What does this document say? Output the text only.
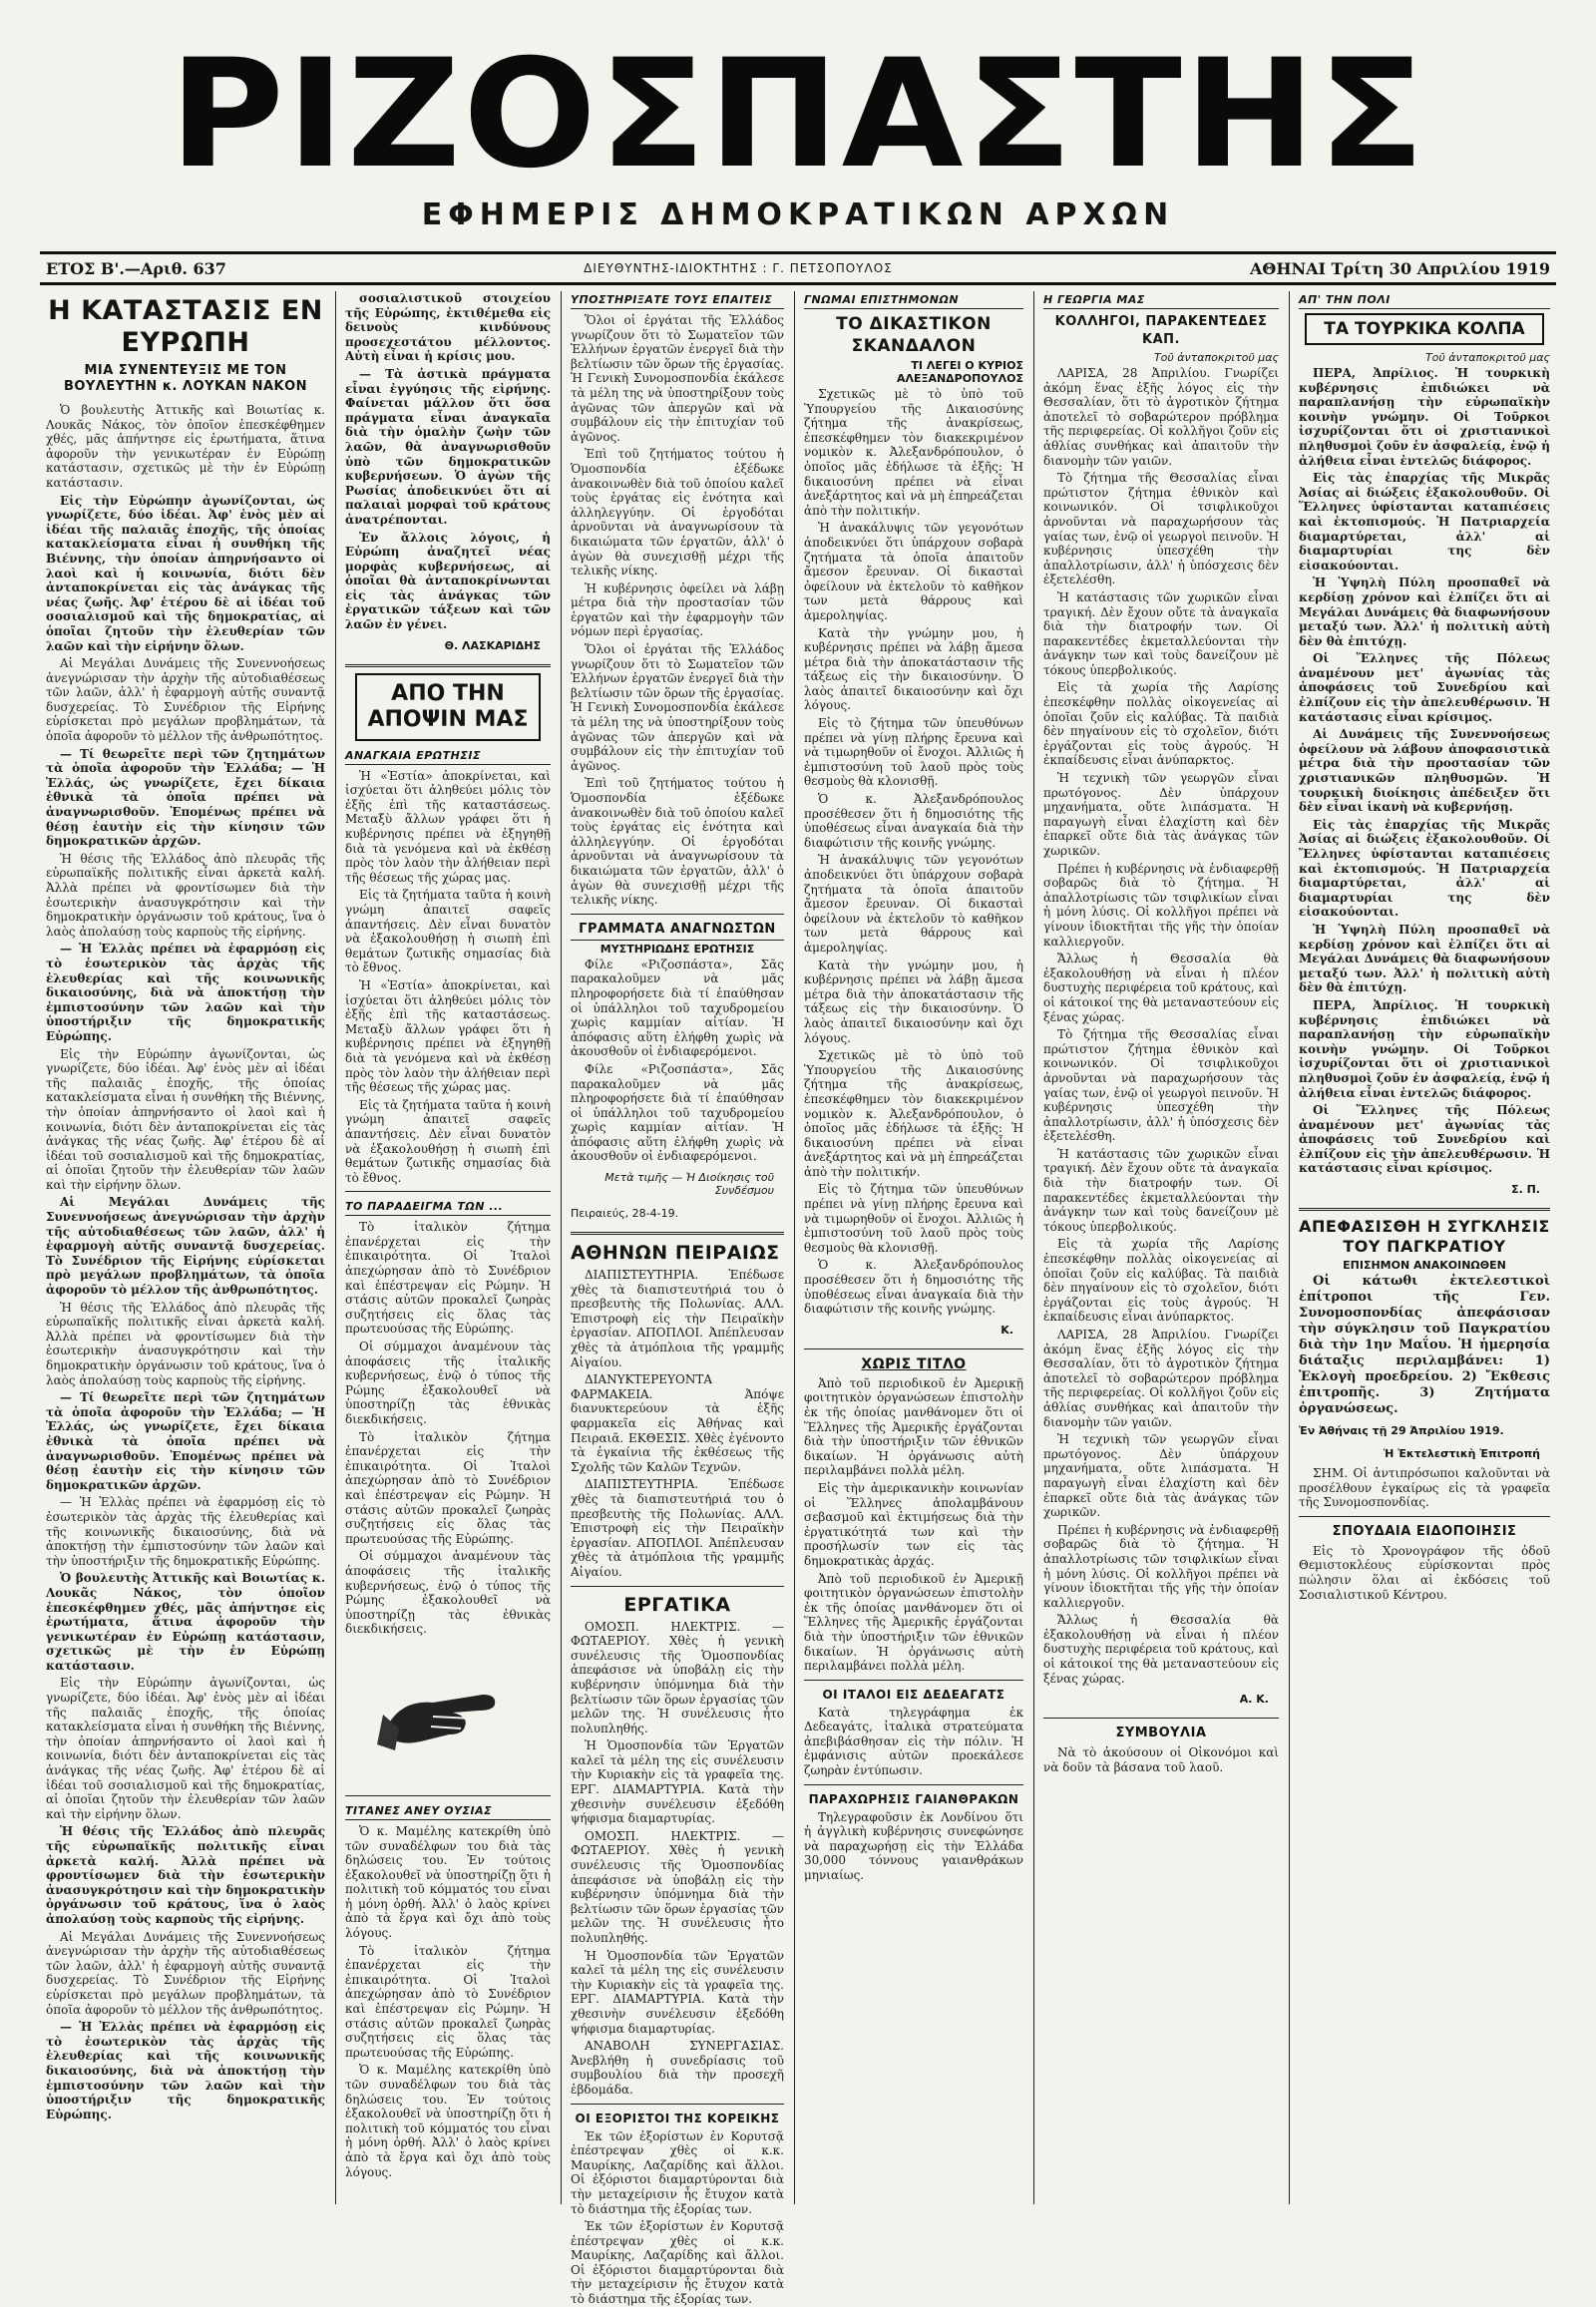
ΡΙΖΟΣΠΑΣΤΗΣ
ΕΦΗΜΕΡΙΣ ΔΗΜΟΚΡΑΤΙΚΩΝ ΑΡΧΩΝ
ΕΤΟΣ Β'.—Αριθ. 637	ΔΙΕΥΘΥΝΤΗΣ-ΙΔΙΟΚΤΗΤΗΣ : Γ. ΠΕΤΣΟΠΟΥΛΟΣ	ΑΘΗΝΑΙ Τρίτη 30 Απριλίου 1919
Η ΚΑΤΑΣΤΑΣΙΣ ΕΝ ΕΥΡΩΠΗ
ΜΙΑ ΣΥΝΕΝΤΕΥΞΙΣ ΜΕ ΤΟΝ ΒΟΥΛΕΥΤΗΝ κ. ΛΟΥΚΑΝ ΝΑΚΟΝ

Ὁ βουλευτὴς Ἀττικῆς καὶ Βοιωτίας κ. Λουκᾶς Νάκος, τὸν ὁποῖον ἐπεσκέφθημεν χθές, μᾶς ἀπήντησε εἰς ἐρωτήματα, ἅτινα ἀφοροῦν τὴν γενικωτέραν ἐν Εὐρώπῃ κατάστασιν, σχετικῶς μὲ τὴν ἐν Εὐρώπῃ κατάστασιν.

Εἰς τὴν Εὐρώπην ἀγωνίζονται, ὡς γνωρίζετε, δύο ἰδέαι. Ἀφ' ἑνὸς μὲν αἱ ἰδέαι τῆς παλαιᾶς ἐποχῆς, τῆς ὁποίας κατακλείσματα εἶναι ἡ συνθήκη τῆς Βιέννης, τὴν ὁποίαν ἀπηρνήσαντο οἱ λαοὶ καὶ ἡ κοινωνία, διότι δὲν ἀνταποκρίνεται εἰς τὰς ἀνάγκας τῆς νέας ζωῆς. Ἀφ' ἑτέρου δὲ αἱ ἰδέαι τοῦ σοσιαλισμοῦ καὶ τῆς δημοκρατίας, αἱ ὁποῖαι ζητοῦν τὴν ἐλευθερίαν τῶν λαῶν καὶ τὴν εἰρήνην ὅλων.

Αἱ Μεγάλαι Δυνάμεις τῆς Συνεννοήσεως ἀνεγνώρισαν τὴν ἀρχὴν τῆς αὐτοδιαθέσεως τῶν λαῶν, ἀλλ' ἡ ἐφαρμογὴ αὐτῆς συναντᾷ δυσχερείας. Τὸ Συνέδριον τῆς Εἰρήνης εὑρίσκεται πρὸ μεγάλων προβλημάτων, τὰ ὁποῖα ἀφοροῦν τὸ μέλλον τῆς ἀνθρωπότητος.

— Τί θεωρεῖτε περὶ τῶν ζητημάτων τὰ ὁποῖα ἀφοροῦν τὴν Ἑλλάδα; — Ἡ Ἑλλάς, ὡς γνωρίζετε, ἔχει δίκαια ἐθνικὰ τὰ ὁποῖα πρέπει νὰ ἀναγνωρισθοῦν. Ἐπομένως πρέπει νὰ θέσῃ ἑαυτὴν εἰς τὴν κίνησιν τῶν δημοκρατικῶν ἀρχῶν.

Ἡ θέσις τῆς Ἑλλάδος ἀπὸ πλευρᾶς τῆς εὐρωπαϊκῆς πολιτικῆς εἶναι ἀρκετὰ καλή. Ἀλλὰ πρέπει νὰ φροντίσωμεν διὰ τὴν ἐσωτερικὴν ἀνασυγκρότησιν καὶ τὴν δημοκρατικὴν ὀργάνωσιν τοῦ κράτους, ἵνα ὁ λαὸς ἀπολαύσῃ τοὺς καρποὺς τῆς εἰρήνης.

— Ἡ Ἑλλὰς πρέπει νὰ ἐφαρμόσῃ εἰς τὸ ἐσωτερικὸν τὰς ἀρχὰς τῆς ἐλευθερίας καὶ τῆς κοινωνικῆς δικαιοσύνης, διὰ νὰ ἀποκτήσῃ τὴν ἐμπιστοσύνην τῶν λαῶν καὶ τὴν ὑποστήριξιν τῆς δημοκρατικῆς Εὐρώπης.

Εἰς τὴν Εὐρώπην ἀγωνίζονται, ὡς γνωρίζετε, δύο ἰδέαι. Ἀφ' ἑνὸς μὲν αἱ ἰδέαι τῆς παλαιᾶς ἐποχῆς, τῆς ὁποίας κατακλείσματα εἶναι ἡ συνθήκη τῆς Βιέννης, τὴν ὁποίαν ἀπηρνήσαντο οἱ λαοὶ καὶ ἡ κοινωνία, διότι δὲν ἀνταποκρίνεται εἰς τὰς ἀνάγκας τῆς νέας ζωῆς. Ἀφ' ἑτέρου δὲ αἱ ἰδέαι τοῦ σοσιαλισμοῦ καὶ τῆς δημοκρατίας, αἱ ὁποῖαι ζητοῦν τὴν ἐλευθερίαν τῶν λαῶν καὶ τὴν εἰρήνην ὅλων.

Αἱ Μεγάλαι Δυνάμεις τῆς Συνεννοήσεως ἀνεγνώρισαν τὴν ἀρχὴν τῆς αὐτοδιαθέσεως τῶν λαῶν, ἀλλ' ἡ ἐφαρμογὴ αὐτῆς συναντᾷ δυσχερείας. Τὸ Συνέδριον τῆς Εἰρήνης εὑρίσκεται πρὸ μεγάλων προβλημάτων, τὰ ὁποῖα ἀφοροῦν τὸ μέλλον τῆς ἀνθρωπότητος.

Ἡ θέσις τῆς Ἑλλάδος ἀπὸ πλευρᾶς τῆς εὐρωπαϊκῆς πολιτικῆς εἶναι ἀρκετὰ καλή. Ἀλλὰ πρέπει νὰ φροντίσωμεν διὰ τὴν ἐσωτερικὴν ἀνασυγκρότησιν καὶ τὴν δημοκρατικὴν ὀργάνωσιν τοῦ κράτους, ἵνα ὁ λαὸς ἀπολαύσῃ τοὺς καρποὺς τῆς εἰρήνης.

— Τί θεωρεῖτε περὶ τῶν ζητημάτων τὰ ὁποῖα ἀφοροῦν τὴν Ἑλλάδα; — Ἡ Ἑλλάς, ὡς γνωρίζετε, ἔχει δίκαια ἐθνικὰ τὰ ὁποῖα πρέπει νὰ ἀναγνωρισθοῦν. Ἐπομένως πρέπει νὰ θέσῃ ἑαυτὴν εἰς τὴν κίνησιν τῶν δημοκρατικῶν ἀρχῶν.

— Ἡ Ἑλλὰς πρέπει νὰ ἐφαρμόσῃ εἰς τὸ ἐσωτερικὸν τὰς ἀρχὰς τῆς ἐλευθερίας καὶ τῆς κοινωνικῆς δικαιοσύνης, διὰ νὰ ἀποκτήσῃ τὴν ἐμπιστοσύνην τῶν λαῶν καὶ τὴν ὑποστήριξιν τῆς δημοκρατικῆς Εὐρώπης.

Ὁ βουλευτὴς Ἀττικῆς καὶ Βοιωτίας κ. Λουκᾶς Νάκος, τὸν ὁποῖον ἐπεσκέφθημεν χθές, μᾶς ἀπήντησε εἰς ἐρωτήματα, ἅτινα ἀφοροῦν τὴν γενικωτέραν ἐν Εὐρώπῃ κατάστασιν, σχετικῶς μὲ τὴν ἐν Εὐρώπῃ κατάστασιν.

Εἰς τὴν Εὐρώπην ἀγωνίζονται, ὡς γνωρίζετε, δύο ἰδέαι. Ἀφ' ἑνὸς μὲν αἱ ἰδέαι τῆς παλαιᾶς ἐποχῆς, τῆς ὁποίας κατακλείσματα εἶναι ἡ συνθήκη τῆς Βιέννης, τὴν ὁποίαν ἀπηρνήσαντο οἱ λαοὶ καὶ ἡ κοινωνία, διότι δὲν ἀνταποκρίνεται εἰς τὰς ἀνάγκας τῆς νέας ζωῆς. Ἀφ' ἑτέρου δὲ αἱ ἰδέαι τοῦ σοσιαλισμοῦ καὶ τῆς δημοκρατίας, αἱ ὁποῖαι ζητοῦν τὴν ἐλευθερίαν τῶν λαῶν καὶ τὴν εἰρήνην ὅλων.

Ἡ θέσις τῆς Ἑλλάδος ἀπὸ πλευρᾶς τῆς εὐρωπαϊκῆς πολιτικῆς εἶναι ἀρκετὰ καλή. Ἀλλὰ πρέπει νὰ φροντίσωμεν διὰ τὴν ἐσωτερικὴν ἀνασυγκρότησιν καὶ τὴν δημοκρατικὴν ὀργάνωσιν τοῦ κράτους, ἵνα ὁ λαὸς ἀπολαύσῃ τοὺς καρποὺς τῆς εἰρήνης.

Αἱ Μεγάλαι Δυνάμεις τῆς Συνεννοήσεως ἀνεγνώρισαν τὴν ἀρχὴν τῆς αὐτοδιαθέσεως τῶν λαῶν, ἀλλ' ἡ ἐφαρμογὴ αὐτῆς συναντᾷ δυσχερείας. Τὸ Συνέδριον τῆς Εἰρήνης εὑρίσκεται πρὸ μεγάλων προβλημάτων, τὰ ὁποῖα ἀφοροῦν τὸ μέλλον τῆς ἀνθρωπότητος.

— Ἡ Ἑλλὰς πρέπει νὰ ἐφαρμόσῃ εἰς τὸ ἐσωτερικὸν τὰς ἀρχὰς τῆς ἐλευθερίας καὶ τῆς κοινωνικῆς δικαιοσύνης, διὰ νὰ ἀποκτήσῃ τὴν ἐμπιστοσύνην τῶν λαῶν καὶ τὴν ὑποστήριξιν τῆς δημοκρατικῆς Εὐρώπης.

σοσιαλιστικοῦ στοιχείου τῆς Εὐρώπης, ἐκτιθέμεθα εἰς δεινοὺς κινδύνους προσεχεστάτου μέλλοντος. Αὐτὴ εἶναι ἡ κρίσις μου.

— Τὰ ἀστικὰ πράγματα εἶναι ἐγγύησις τῆς εἰρήνης. Φαίνεται μάλλον ὅτι ὅσα πράγματα εἶναι ἀναγκαῖα διὰ τὴν ὁμαλὴν ζωὴν τῶν λαῶν, θὰ ἀναγνωρισθοῦν ὑπὸ τῶν δημοκρατικῶν κυβερνήσεων. Ὁ ἀγὼν τῆς Ρωσίας ἀποδεικνύει ὅτι αἱ παλαιαὶ μορφαὶ τοῦ κράτους ἀνατρέπονται.

Ἐν ἄλλοις λόγοις, ἡ Εὐρώπη ἀναζητεῖ νέας μορφὰς κυβερνήσεως, αἱ ὁποῖαι θὰ ἀνταποκρίνωνται εἰς τὰς ἀνάγκας τῶν ἐργατικῶν τάξεων καὶ τῶν λαῶν ἐν γένει.

Θ. ΛΑΣΚΑΡΙΔΗΣ
ΑΠΟ ΤΗΝ ΑΠΟΨΙΝ ΜΑΣ
ΑΝΑΓΚΑΙΑ ΕΡΩΤΗΣΙΣ

Ἡ «Ἑστία» ἀποκρίνεται, καὶ ἰσχύεται ὅτι ἀληθεύει μόλις τὸν ἐξῆς ἐπὶ τῆς καταστάσεως. Μεταξὺ ἄλλων γράφει ὅτι ἡ κυβέρνησις πρέπει νὰ ἐξηγηθῇ διὰ τὰ γενόμενα καὶ νὰ ἐκθέσῃ πρὸς τὸν λαὸν τὴν ἀλήθειαν περὶ τῆς θέσεως τῆς χώρας μας.

Εἰς τὰ ζητήματα ταῦτα ἡ κοινὴ γνώμη ἀπαιτεῖ σαφεῖς ἀπαντήσεις. Δὲν εἶναι δυνατὸν νὰ ἐξακολουθήσῃ ἡ σιωπὴ ἐπὶ θεμάτων ζωτικῆς σημασίας διὰ τὸ ἔθνος.

Ἡ «Ἑστία» ἀποκρίνεται, καὶ ἰσχύεται ὅτι ἀληθεύει μόλις τὸν ἐξῆς ἐπὶ τῆς καταστάσεως. Μεταξὺ ἄλλων γράφει ὅτι ἡ κυβέρνησις πρέπει νὰ ἐξηγηθῇ διὰ τὰ γενόμενα καὶ νὰ ἐκθέσῃ πρὸς τὸν λαὸν τὴν ἀλήθειαν περὶ τῆς θέσεως τῆς χώρας μας.

Εἰς τὰ ζητήματα ταῦτα ἡ κοινὴ γνώμη ἀπαιτεῖ σαφεῖς ἀπαντήσεις. Δὲν εἶναι δυνατὸν νὰ ἐξακολουθήσῃ ἡ σιωπὴ ἐπὶ θεμάτων ζωτικῆς σημασίας διὰ τὸ ἔθνος.

ΤΟ ΠΑΡΑΔΕΙΓΜΑ ΤΩΝ ...

Τὸ ἰταλικὸν ζήτημα ἐπανέρχεται εἰς τὴν ἐπικαιρότητα. Οἱ Ἰταλοὶ ἀπεχώρησαν ἀπὸ τὸ Συνέδριον καὶ ἐπέστρεψαν εἰς Ρώμην. Ἡ στάσις αὐτῶν προκαλεῖ ζωηρὰς συζητήσεις εἰς ὅλας τὰς πρωτευούσας τῆς Εὐρώπης.

Οἱ σύμμαχοι ἀναμένουν τὰς ἀποφάσεις τῆς ἰταλικῆς κυβερνήσεως, ἐνῷ ὁ τύπος τῆς Ρώμης ἐξακολουθεῖ νὰ ὑποστηρίζῃ τὰς ἐθνικὰς διεκδικήσεις.

Τὸ ἰταλικὸν ζήτημα ἐπανέρχεται εἰς τὴν ἐπικαιρότητα. Οἱ Ἰταλοὶ ἀπεχώρησαν ἀπὸ τὸ Συνέδριον καὶ ἐπέστρεψαν εἰς Ρώμην. Ἡ στάσις αὐτῶν προκαλεῖ ζωηρὰς συζητήσεις εἰς ὅλας τὰς πρωτευούσας τῆς Εὐρώπης.

Οἱ σύμμαχοι ἀναμένουν τὰς ἀποφάσεις τῆς ἰταλικῆς κυβερνήσεως, ἐνῷ ὁ τύπος τῆς Ρώμης ἐξακολουθεῖ νὰ ὑποστηρίζῃ τὰς ἐθνικὰς διεκδικήσεις.

ΤΙΤΑΝΕΣ ΑΝΕΥ ΟΥΣΙΑΣ

Ὁ κ. Μαμέλης κατεκρίθη ὑπὸ τῶν συναδέλφων του διὰ τὰς δηλώσεις του. Ἐν τούτοις ἐξακολουθεῖ νὰ ὑποστηρίζῃ ὅτι ἡ πολιτικὴ τοῦ κόμματός του εἶναι ἡ μόνη ὀρθή. Ἀλλ' ὁ λαὸς κρίνει ἀπὸ τὰ ἔργα καὶ ὄχι ἀπὸ τοὺς λόγους.

Τὸ ἰταλικὸν ζήτημα ἐπανέρχεται εἰς τὴν ἐπικαιρότητα. Οἱ Ἰταλοὶ ἀπεχώρησαν ἀπὸ τὸ Συνέδριον καὶ ἐπέστρεψαν εἰς Ρώμην. Ἡ στάσις αὐτῶν προκαλεῖ ζωηρὰς συζητήσεις εἰς ὅλας τὰς πρωτευούσας τῆς Εὐρώπης.

Ὁ κ. Μαμέλης κατεκρίθη ὑπὸ τῶν συναδέλφων του διὰ τὰς δηλώσεις του. Ἐν τούτοις ἐξακολουθεῖ νὰ ὑποστηρίζῃ ὅτι ἡ πολιτικὴ τοῦ κόμματός του εἶναι ἡ μόνη ὀρθή. Ἀλλ' ὁ λαὸς κρίνει ἀπὸ τὰ ἔργα καὶ ὄχι ἀπὸ τοὺς λόγους.

ΥΠΟΣΤΗΡΙΞΑΤΕ ΤΟΥΣ ΕΠΑΙΤΕΙΣ

Ὅλοι οἱ ἐργάται τῆς Ἑλλάδος γνωρίζουν ὅτι τὸ Σωματεῖον τῶν Ἑλλήνων ἐργατῶν ἐνεργεῖ διὰ τὴν βελτίωσιν τῶν ὅρων τῆς ἐργασίας. Ἡ Γενικὴ Συνομοσπονδία ἐκάλεσε τὰ μέλη της νὰ ὑποστηρίξουν τοὺς ἀγῶνας τῶν ἀπεργῶν καὶ νὰ συμβάλουν εἰς τὴν ἐπιτυχίαν τοῦ ἀγῶνος.

Ἐπὶ τοῦ ζητήματος τούτου ἡ Ὁμοσπονδία ἐξέδωκε ἀνακοινωθὲν διὰ τοῦ ὁποίου καλεῖ τοὺς ἐργάτας εἰς ἑνότητα καὶ ἀλληλεγγύην. Οἱ ἐργοδόται ἀρνοῦνται νὰ ἀναγνωρίσουν τὰ δικαιώματα τῶν ἐργατῶν, ἀλλ' ὁ ἀγὼν θὰ συνεχισθῇ μέχρι τῆς τελικῆς νίκης.

Ἡ κυβέρνησις ὀφείλει νὰ λάβῃ μέτρα διὰ τὴν προστασίαν τῶν ἐργατῶν καὶ τὴν ἐφαρμογὴν τῶν νόμων περὶ ἐργασίας.

Ὅλοι οἱ ἐργάται τῆς Ἑλλάδος γνωρίζουν ὅτι τὸ Σωματεῖον τῶν Ἑλλήνων ἐργατῶν ἐνεργεῖ διὰ τὴν βελτίωσιν τῶν ὅρων τῆς ἐργασίας. Ἡ Γενικὴ Συνομοσπονδία ἐκάλεσε τὰ μέλη της νὰ ὑποστηρίξουν τοὺς ἀγῶνας τῶν ἀπεργῶν καὶ νὰ συμβάλουν εἰς τὴν ἐπιτυχίαν τοῦ ἀγῶνος.

Ἐπὶ τοῦ ζητήματος τούτου ἡ Ὁμοσπονδία ἐξέδωκε ἀνακοινωθὲν διὰ τοῦ ὁποίου καλεῖ τοὺς ἐργάτας εἰς ἑνότητα καὶ ἀλληλεγγύην. Οἱ ἐργοδόται ἀρνοῦνται νὰ ἀναγνωρίσουν τὰ δικαιώματα τῶν ἐργατῶν, ἀλλ' ὁ ἀγὼν θὰ συνεχισθῇ μέχρι τῆς τελικῆς νίκης.

ΓΡΑΜΜΑΤΑ ΑΝΑΓΝΩΣΤΩΝ
ΜΥΣΤΗΡΙΩΔΗΣ ΕΡΩΤΗΣΙΣ

Φίλε «Ριζοσπάστα», Σᾶς παρακαλοῦμεν νὰ μᾶς πληροφορήσετε διὰ τί ἐπαύθησαν οἱ ὑπάλληλοι τοῦ ταχυδρομείου χωρὶς καμμίαν αἰτίαν. Ἡ ἀπόφασις αὕτη ἐλήφθη χωρὶς νὰ ἀκουσθοῦν οἱ ἐνδιαφερόμενοι.

Φίλε «Ριζοσπάστα», Σᾶς παρακαλοῦμεν νὰ μᾶς πληροφορήσετε διὰ τί ἐπαύθησαν οἱ ὑπάλληλοι τοῦ ταχυδρομείου χωρὶς καμμίαν αἰτίαν. Ἡ ἀπόφασις αὕτη ἐλήφθη χωρὶς νὰ ἀκουσθοῦν οἱ ἐνδιαφερόμενοι.

Μετὰ τιμῆς — Ἡ Διοίκησις τοῦ Συνδέσμου
Πειραιεύς, 28-4-19.
ΑΘΗΝΩΝ ΠΕΙΡΑΙΩΣ

ΔΙΑΠΙΣΤΕΥΤΗΡΙΑ. Ἐπέδωσε χθὲς τὰ διαπιστευτήριά του ὁ πρεσβευτὴς τῆς Πολωνίας. ΑΛΛ. Ἐπιστροφὴ εἰς τὴν Πειραϊκὴν ἐργασίαν. ΑΠΟΠΛΟΙ. Ἀπέπλευσαν χθὲς τὰ ἀτμόπλοια τῆς γραμμῆς Αἰγαίου.

ΔΙΑΝΥΚΤΕΡΕΥΟΝΤΑ ΦΑΡΜΑΚΕΙΑ. Ἀπόψε διανυκτερεύουν τὰ ἑξῆς φαρμακεῖα εἰς Ἀθήνας καὶ Πειραιᾶ. ΕΚΘΕΣΙΣ. Χθὲς ἐγένοντο τὰ ἐγκαίνια τῆς ἐκθέσεως τῆς Σχολῆς τῶν Καλῶν Τεχνῶν.

ΔΙΑΠΙΣΤΕΥΤΗΡΙΑ. Ἐπέδωσε χθὲς τὰ διαπιστευτήριά του ὁ πρεσβευτὴς τῆς Πολωνίας. ΑΛΛ. Ἐπιστροφὴ εἰς τὴν Πειραϊκὴν ἐργασίαν. ΑΠΟΠΛΟΙ. Ἀπέπλευσαν χθὲς τὰ ἀτμόπλοια τῆς γραμμῆς Αἰγαίου.

ΕΡΓΑΤΙΚΑ

ΟΜΟΣΠ. ΗΛΕΚΤΡΙΣ. — ΦΩΤΑΕΡΙΟΥ. Χθὲς ἡ γενικὴ συνέλευσις τῆς Ὁμοσπονδίας ἀπεφάσισε νὰ ὑποβάλῃ εἰς τὴν κυβέρνησιν ὑπόμνημα διὰ τὴν βελτίωσιν τῶν ὅρων ἐργασίας τῶν μελῶν της. Ἡ συνέλευσις ἦτο πολυπληθής.

Ἡ Ὁμοσπονδία τῶν Ἐργατῶν καλεῖ τὰ μέλη της εἰς συνέλευσιν τὴν Κυριακὴν εἰς τὰ γραφεῖα της. ΕΡΓ. ΔΙΑΜΑΡΤΥΡΙΑ. Κατὰ τὴν χθεσινὴν συνέλευσιν ἐξεδόθη ψήφισμα διαμαρτυρίας.

ΟΜΟΣΠ. ΗΛΕΚΤΡΙΣ. — ΦΩΤΑΕΡΙΟΥ. Χθὲς ἡ γενικὴ συνέλευσις τῆς Ὁμοσπονδίας ἀπεφάσισε νὰ ὑποβάλῃ εἰς τὴν κυβέρνησιν ὑπόμνημα διὰ τὴν βελτίωσιν τῶν ὅρων ἐργασίας τῶν μελῶν της. Ἡ συνέλευσις ἦτο πολυπληθής.

Ἡ Ὁμοσπονδία τῶν Ἐργατῶν καλεῖ τὰ μέλη της εἰς συνέλευσιν τὴν Κυριακὴν εἰς τὰ γραφεῖα της. ΕΡΓ. ΔΙΑΜΑΡΤΥΡΙΑ. Κατὰ τὴν χθεσινὴν συνέλευσιν ἐξεδόθη ψήφισμα διαμαρτυρίας.

ΑΝΑΒΟΛΗ ΣΥΝΕΡΓΑΣΙΑΣ. Ἀνεβλήθη ἡ συνεδρίασις τοῦ συμβουλίου διὰ τὴν προσεχῆ ἑβδομάδα.

ΟΙ ΕΞΟΡΙΣΤΟΙ ΤΗΣ ΚΟΡΕΙΚΗΣ

Ἐκ τῶν ἐξορίστων ἐν Κορυτσᾷ ἐπέστρεψαν χθὲς οἱ κ.κ. Μαυρίκης, Λαζαρίδης καὶ ἄλλοι. Οἱ ἐξόριστοι διαμαρτύρονται διὰ τὴν μεταχείρισιν ἧς ἔτυχον κατὰ τὸ διάστημα τῆς ἐξορίας των.

Ἐκ τῶν ἐξορίστων ἐν Κορυτσᾷ ἐπέστρεψαν χθὲς οἱ κ.κ. Μαυρίκης, Λαζαρίδης καὶ ἄλλοι. Οἱ ἐξόριστοι διαμαρτύρονται διὰ τὴν μεταχείρισιν ἧς ἔτυχον κατὰ τὸ διάστημα τῆς ἐξορίας των.

ΓΝΩΜΑΙ ΕΠΙΣΤΗΜΟΝΩΝ
ΤΟ ΔΙΚΑΣΤΙΚΟΝ ΣΚΑΝΔΑΛΟΝ
ΤΙ ΛΕΓΕΙ Ο ΚΥΡΙΟΣ ΑΛΕΞΑΝΔΡΟΠΟΥΛΟΣ

Σχετικῶς μὲ τὸ ὑπὸ τοῦ Ὑπουργείου τῆς Δικαιοσύνης ζήτημα τῆς ἀνακρίσεως, ἐπεσκέφθημεν τὸν διακεκριμένον νομικὸν κ. Ἀλεξανδρόπουλον, ὁ ὁποῖος μᾶς ἐδήλωσε τὰ ἑξῆς: Ἡ δικαιοσύνη πρέπει νὰ εἶναι ἀνεξάρτητος καὶ νὰ μὴ ἐπηρεάζεται ἀπὸ τὴν πολιτικήν.

Ἡ ἀνακάλυψις τῶν γεγονότων ἀποδεικνύει ὅτι ὑπάρχουν σοβαρὰ ζητήματα τὰ ὁποῖα ἀπαιτοῦν ἄμεσον ἔρευναν. Οἱ δικασταὶ ὀφείλουν νὰ ἐκτελοῦν τὸ καθῆκον των μετὰ θάρρους καὶ ἀμεροληψίας.

Κατὰ τὴν γνώμην μου, ἡ κυβέρνησις πρέπει νὰ λάβῃ ἄμεσα μέτρα διὰ τὴν ἀποκατάστασιν τῆς τάξεως εἰς τὴν δικαιοσύνην. Ὁ λαὸς ἀπαιτεῖ δικαιοσύνην καὶ ὄχι λόγους.

Εἰς τὸ ζήτημα τῶν ὑπευθύνων πρέπει νὰ γίνῃ πλήρης ἔρευνα καὶ νὰ τιμωρηθοῦν οἱ ἔνοχοι. Ἀλλιῶς ἡ ἐμπιστοσύνη τοῦ λαοῦ πρὸς τοὺς θεσμοὺς θὰ κλονισθῇ.

Ὁ κ. Ἀλεξανδρόπουλος προσέθεσεν ὅτι ἡ δημοσιότης τῆς ὑποθέσεως εἶναι ἀναγκαία διὰ τὴν διαφώτισιν τῆς κοινῆς γνώμης.

Ἡ ἀνακάλυψις τῶν γεγονότων ἀποδεικνύει ὅτι ὑπάρχουν σοβαρὰ ζητήματα τὰ ὁποῖα ἀπαιτοῦν ἄμεσον ἔρευναν. Οἱ δικασταὶ ὀφείλουν νὰ ἐκτελοῦν τὸ καθῆκον των μετὰ θάρρους καὶ ἀμεροληψίας.

Κατὰ τὴν γνώμην μου, ἡ κυβέρνησις πρέπει νὰ λάβῃ ἄμεσα μέτρα διὰ τὴν ἀποκατάστασιν τῆς τάξεως εἰς τὴν δικαιοσύνην. Ὁ λαὸς ἀπαιτεῖ δικαιοσύνην καὶ ὄχι λόγους.

Σχετικῶς μὲ τὸ ὑπὸ τοῦ Ὑπουργείου τῆς Δικαιοσύνης ζήτημα τῆς ἀνακρίσεως, ἐπεσκέφθημεν τὸν διακεκριμένον νομικὸν κ. Ἀλεξανδρόπουλον, ὁ ὁποῖος μᾶς ἐδήλωσε τὰ ἑξῆς: Ἡ δικαιοσύνη πρέπει νὰ εἶναι ἀνεξάρτητος καὶ νὰ μὴ ἐπηρεάζεται ἀπὸ τὴν πολιτικήν.

Εἰς τὸ ζήτημα τῶν ὑπευθύνων πρέπει νὰ γίνῃ πλήρης ἔρευνα καὶ νὰ τιμωρηθοῦν οἱ ἔνοχοι. Ἀλλιῶς ἡ ἐμπιστοσύνη τοῦ λαοῦ πρὸς τοὺς θεσμοὺς θὰ κλονισθῇ.

Ὁ κ. Ἀλεξανδρόπουλος προσέθεσεν ὅτι ἡ δημοσιότης τῆς ὑποθέσεως εἶναι ἀναγκαία διὰ τὴν διαφώτισιν τῆς κοινῆς γνώμης.

Κ.
ΧΩΡΙΣ ΤΙΤΛΟ

Ἀπὸ τοῦ περιοδικοῦ ἐν Ἀμερικῇ φοιτητικὸν ὀργανώσεων ἐπιστολὴν ἐκ τῆς ὁποίας μανθάνομεν ὅτι οἱ Ἕλληνες τῆς Ἀμερικῆς ἐργάζονται διὰ τὴν ὑποστήριξιν τῶν ἐθνικῶν δικαίων. Ἡ ὀργάνωσις αὐτὴ περιλαμβάνει πολλὰ μέλη.

Εἰς τὴν ἀμερικανικὴν κοινωνίαν οἱ Ἕλληνες ἀπολαμβάνουν σεβασμοῦ καὶ ἐκτιμήσεως διὰ τὴν ἐργατικότητά των καὶ τὴν προσήλωσίν των εἰς τὰς δημοκρατικὰς ἀρχάς.

Ἀπὸ τοῦ περιοδικοῦ ἐν Ἀμερικῇ φοιτητικὸν ὀργανώσεων ἐπιστολὴν ἐκ τῆς ὁποίας μανθάνομεν ὅτι οἱ Ἕλληνες τῆς Ἀμερικῆς ἐργάζονται διὰ τὴν ὑποστήριξιν τῶν ἐθνικῶν δικαίων. Ἡ ὀργάνωσις αὐτὴ περιλαμβάνει πολλὰ μέλη.

ΟΙ ΙΤΑΛΟΙ ΕΙΣ ΔΕΔΕΑΓΑΤΣ

Κατὰ τηλεγράφημα ἐκ Δεδεαγάτς, ἰταλικὰ στρατεύματα ἀπεβιβάσθησαν εἰς τὴν πόλιν. Ἡ ἐμφάνισις αὐτῶν προεκάλεσε ζωηρὰν ἐντύπωσιν.

ΠΑΡΑΧΩΡΗΣΙΣ ΓΑΙΑΝΘΡΑΚΩΝ

Τηλεγραφοῦσιν ἐκ Λονδίνου ὅτι ἡ ἀγγλικὴ κυβέρνησις συνεφώνησε νὰ παραχωρήσῃ εἰς τὴν Ἑλλάδα 30,000 τόννους γαιανθράκων μηνιαίως.

Η ΓΕΩΡΓΙΑ ΜΑΣ
ΚΟΛΛΗΓΟΙ, ΠΑΡΑΚΕΝΤΕΔΕΣ ΚΑΠ.
Τοῦ ἀνταποκριτοῦ μας

ΛΑΡΙΣΑ, 28 Ἀπριλίου. Γνωρίζει ἀκόμη ἕνας ἑξῆς λόγος εἰς τὴν Θεσσαλίαν, ὅτι τὸ ἀγροτικὸν ζήτημα ἀποτελεῖ τὸ σοβαρώτερον πρόβλημα τῆς περιφερείας. Οἱ κολλῆγοι ζοῦν εἰς ἀθλίας συνθήκας καὶ ἀπαιτοῦν τὴν διανομὴν τῶν γαιῶν.

Τὸ ζήτημα τῆς Θεσσαλίας εἶναι πρώτιστον ζήτημα ἐθνικὸν καὶ κοινωνικόν. Οἱ τσιφλικοῦχοι ἀρνοῦνται νὰ παραχωρήσουν τὰς γαίας των, ἐνῷ οἱ γεωργοὶ πεινοῦν. Ἡ κυβέρνησις ὑπεσχέθη τὴν ἀπαλλοτρίωσιν, ἀλλ' ἡ ὑπόσχεσις δὲν ἐξετελέσθη.

Ἡ κατάστασις τῶν χωρικῶν εἶναι τραγική. Δὲν ἔχουν οὔτε τὰ ἀναγκαῖα διὰ τὴν διατροφήν των. Οἱ παρακεντέδες ἐκμεταλλεύονται τὴν ἀνάγκην των καὶ τοὺς δανείζουν μὲ τόκους ὑπερβολικούς.

Εἰς τὰ χωρία τῆς Λαρίσης ἐπεσκέφθην πολλὰς οἰκογενείας αἱ ὁποῖαι ζοῦν εἰς καλύβας. Τὰ παιδιὰ δὲν πηγαίνουν εἰς τὸ σχολεῖον, διότι ἐργάζονται εἰς τοὺς ἀγρούς. Ἡ ἐκπαίδευσις εἶναι ἀνύπαρκτος.

Ἡ τεχνικὴ τῶν γεωργῶν εἶναι πρωτόγονος. Δὲν ὑπάρχουν μηχανήματα, οὔτε λιπάσματα. Ἡ παραγωγὴ εἶναι ἐλαχίστη καὶ δὲν ἐπαρκεῖ οὔτε διὰ τὰς ἀνάγκας τῶν χωρικῶν.

Πρέπει ἡ κυβέρνησις νὰ ἐνδιαφερθῇ σοβαρῶς διὰ τὸ ζήτημα. Ἡ ἀπαλλοτρίωσις τῶν τσιφλικίων εἶναι ἡ μόνη λύσις. Οἱ κολλῆγοι πρέπει νὰ γίνουν ἰδιοκτῆται τῆς γῆς τὴν ὁποίαν καλλιεργοῦν.

Ἄλλως ἡ Θεσσαλία θὰ ἐξακολουθήσῃ νὰ εἶναι ἡ πλέον δυστυχὴς περιφέρεια τοῦ κράτους, καὶ οἱ κάτοικοί της θὰ μεταναστεύουν εἰς ξένας χώρας.

Τὸ ζήτημα τῆς Θεσσαλίας εἶναι πρώτιστον ζήτημα ἐθνικὸν καὶ κοινωνικόν. Οἱ τσιφλικοῦχοι ἀρνοῦνται νὰ παραχωρήσουν τὰς γαίας των, ἐνῷ οἱ γεωργοὶ πεινοῦν. Ἡ κυβέρνησις ὑπεσχέθη τὴν ἀπαλλοτρίωσιν, ἀλλ' ἡ ὑπόσχεσις δὲν ἐξετελέσθη.

Ἡ κατάστασις τῶν χωρικῶν εἶναι τραγική. Δὲν ἔχουν οὔτε τὰ ἀναγκαῖα διὰ τὴν διατροφήν των. Οἱ παρακεντέδες ἐκμεταλλεύονται τὴν ἀνάγκην των καὶ τοὺς δανείζουν μὲ τόκους ὑπερβολικούς.

Εἰς τὰ χωρία τῆς Λαρίσης ἐπεσκέφθην πολλὰς οἰκογενείας αἱ ὁποῖαι ζοῦν εἰς καλύβας. Τὰ παιδιὰ δὲν πηγαίνουν εἰς τὸ σχολεῖον, διότι ἐργάζονται εἰς τοὺς ἀγρούς. Ἡ ἐκπαίδευσις εἶναι ἀνύπαρκτος.

ΛΑΡΙΣΑ, 28 Ἀπριλίου. Γνωρίζει ἀκόμη ἕνας ἑξῆς λόγος εἰς τὴν Θεσσαλίαν, ὅτι τὸ ἀγροτικὸν ζήτημα ἀποτελεῖ τὸ σοβαρώτερον πρόβλημα τῆς περιφερείας. Οἱ κολλῆγοι ζοῦν εἰς ἀθλίας συνθήκας καὶ ἀπαιτοῦν τὴν διανομὴν τῶν γαιῶν.

Ἡ τεχνικὴ τῶν γεωργῶν εἶναι πρωτόγονος. Δὲν ὑπάρχουν μηχανήματα, οὔτε λιπάσματα. Ἡ παραγωγὴ εἶναι ἐλαχίστη καὶ δὲν ἐπαρκεῖ οὔτε διὰ τὰς ἀνάγκας τῶν χωρικῶν.

Πρέπει ἡ κυβέρνησις νὰ ἐνδιαφερθῇ σοβαρῶς διὰ τὸ ζήτημα. Ἡ ἀπαλλοτρίωσις τῶν τσιφλικίων εἶναι ἡ μόνη λύσις. Οἱ κολλῆγοι πρέπει νὰ γίνουν ἰδιοκτῆται τῆς γῆς τὴν ὁποίαν καλλιεργοῦν.

Ἄλλως ἡ Θεσσαλία θὰ ἐξακολουθήσῃ νὰ εἶναι ἡ πλέον δυστυχὴς περιφέρεια τοῦ κράτους, καὶ οἱ κάτοικοί της θὰ μεταναστεύουν εἰς ξένας χώρας.

Α. Κ.
ΣΥΜΒΟΥΛΙΑ

Νὰ τὸ ἀκούσουν οἱ Οἰκονόμοι καὶ νὰ δοῦν τὰ βάσανα τοῦ λαοῦ.

ΑΠ' ΤΗΝ ΠΟΛΙ
ΤΑ ΤΟΥΡΚΙΚΑ ΚΟΛΠΑ
Τοῦ ἀνταποκριτοῦ μας

ΠΕΡΑ, Ἀπρίλιος. Ἡ τουρκικὴ κυβέρνησις ἐπιδιώκει νὰ παραπλανήσῃ τὴν εὐρωπαϊκὴν κοινὴν γνώμην. Οἱ Τοῦρκοι ἰσχυρίζονται ὅτι οἱ χριστιανικοὶ πληθυσμοὶ ζοῦν ἐν ἀσφαλείᾳ, ἐνῷ ἡ ἀλήθεια εἶναι ἐντελῶς διάφορος.

Εἰς τὰς ἐπαρχίας τῆς Μικρᾶς Ἀσίας αἱ διώξεις ἐξακολουθοῦν. Οἱ Ἕλληνες ὑφίστανται καταπιέσεις καὶ ἐκτοπισμούς. Ἡ Πατριαρχεία διαμαρτύρεται, ἀλλ' αἱ διαμαρτυρίαι της δὲν εἰσακούονται.

Ἡ Ὑψηλὴ Πύλη προσπαθεῖ νὰ κερδίσῃ χρόνον καὶ ἐλπίζει ὅτι αἱ Μεγάλαι Δυνάμεις θὰ διαφωνήσουν μεταξύ των. Ἀλλ' ἡ πολιτικὴ αὐτὴ δὲν θὰ ἐπιτύχῃ.

Οἱ Ἕλληνες τῆς Πόλεως ἀναμένουν μετ' ἀγωνίας τὰς ἀποφάσεις τοῦ Συνεδρίου καὶ ἐλπίζουν εἰς τὴν ἀπελευθέρωσιν. Ἡ κατάστασις εἶναι κρίσιμος.

Αἱ Δυνάμεις τῆς Συνεννοήσεως ὀφείλουν νὰ λάβουν ἀποφασιστικὰ μέτρα διὰ τὴν προστασίαν τῶν χριστιανικῶν πληθυσμῶν. Ἡ τουρκικὴ διοίκησις ἀπέδειξεν ὅτι δὲν εἶναι ἱκανὴ νὰ κυβερνήσῃ.

Εἰς τὰς ἐπαρχίας τῆς Μικρᾶς Ἀσίας αἱ διώξεις ἐξακολουθοῦν. Οἱ Ἕλληνες ὑφίστανται καταπιέσεις καὶ ἐκτοπισμούς. Ἡ Πατριαρχεία διαμαρτύρεται, ἀλλ' αἱ διαμαρτυρίαι της δὲν εἰσακούονται.

Ἡ Ὑψηλὴ Πύλη προσπαθεῖ νὰ κερδίσῃ χρόνον καὶ ἐλπίζει ὅτι αἱ Μεγάλαι Δυνάμεις θὰ διαφωνήσουν μεταξύ των. Ἀλλ' ἡ πολιτικὴ αὐτὴ δὲν θὰ ἐπιτύχῃ.

ΠΕΡΑ, Ἀπρίλιος. Ἡ τουρκικὴ κυβέρνησις ἐπιδιώκει νὰ παραπλανήσῃ τὴν εὐρωπαϊκὴν κοινὴν γνώμην. Οἱ Τοῦρκοι ἰσχυρίζονται ὅτι οἱ χριστιανικοὶ πληθυσμοὶ ζοῦν ἐν ἀσφαλείᾳ, ἐνῷ ἡ ἀλήθεια εἶναι ἐντελῶς διάφορος.

Οἱ Ἕλληνες τῆς Πόλεως ἀναμένουν μετ' ἀγωνίας τὰς ἀποφάσεις τοῦ Συνεδρίου καὶ ἐλπίζουν εἰς τὴν ἀπελευθέρωσιν. Ἡ κατάστασις εἶναι κρίσιμος.

Σ. Π.
ΑΠΕΦΑΣΙΣΘΗ Η ΣΥΓΚΛΗΣΙΣ ΤΟΥ ΠΑΓΚΡΑΤΙΟΥ
ΕΠΙΣΗΜΟΝ ΑΝΑΚΟΙΝΩΘΕΝ

Οἱ κάτωθι ἐκτελεστικοὶ ἐπίτροποι τῆς Γεν. Συνομοσπονδίας ἀπεφάσισαν τὴν σύγκλησιν τοῦ Παγκρατίου διὰ τὴν 1ην Μαΐου. Ἡ ἡμερησία διάταξις περιλαμβάνει: 1) Ἐκλογὴ προεδρείου. 2) Ἔκθεσις ἐπιτροπῆς. 3) Ζητήματα ὀργανώσεως.

Ἐν Ἀθήναις τῇ 29 Ἀπριλίου 1919.
Ἡ Ἐκτελεστικὴ Ἐπιτροπή

ΣΗΜ. Οἱ ἀντιπρόσωποι καλοῦνται νὰ προσέλθουν ἐγκαίρως εἰς τὰ γραφεῖα τῆς Συνομοσπονδίας.

ΣΠΟΥΔΑΙΑ ΕΙΔΟΠΟΙΗΣΙΣ

Εἰς τὸ Χρονογράφον τῆς ὁδοῦ Θεμιστοκλέους εὑρίσκονται πρὸς πώλησιν ὅλαι αἱ ἐκδόσεις τοῦ Σοσιαλιστικοῦ Κέντρου.
